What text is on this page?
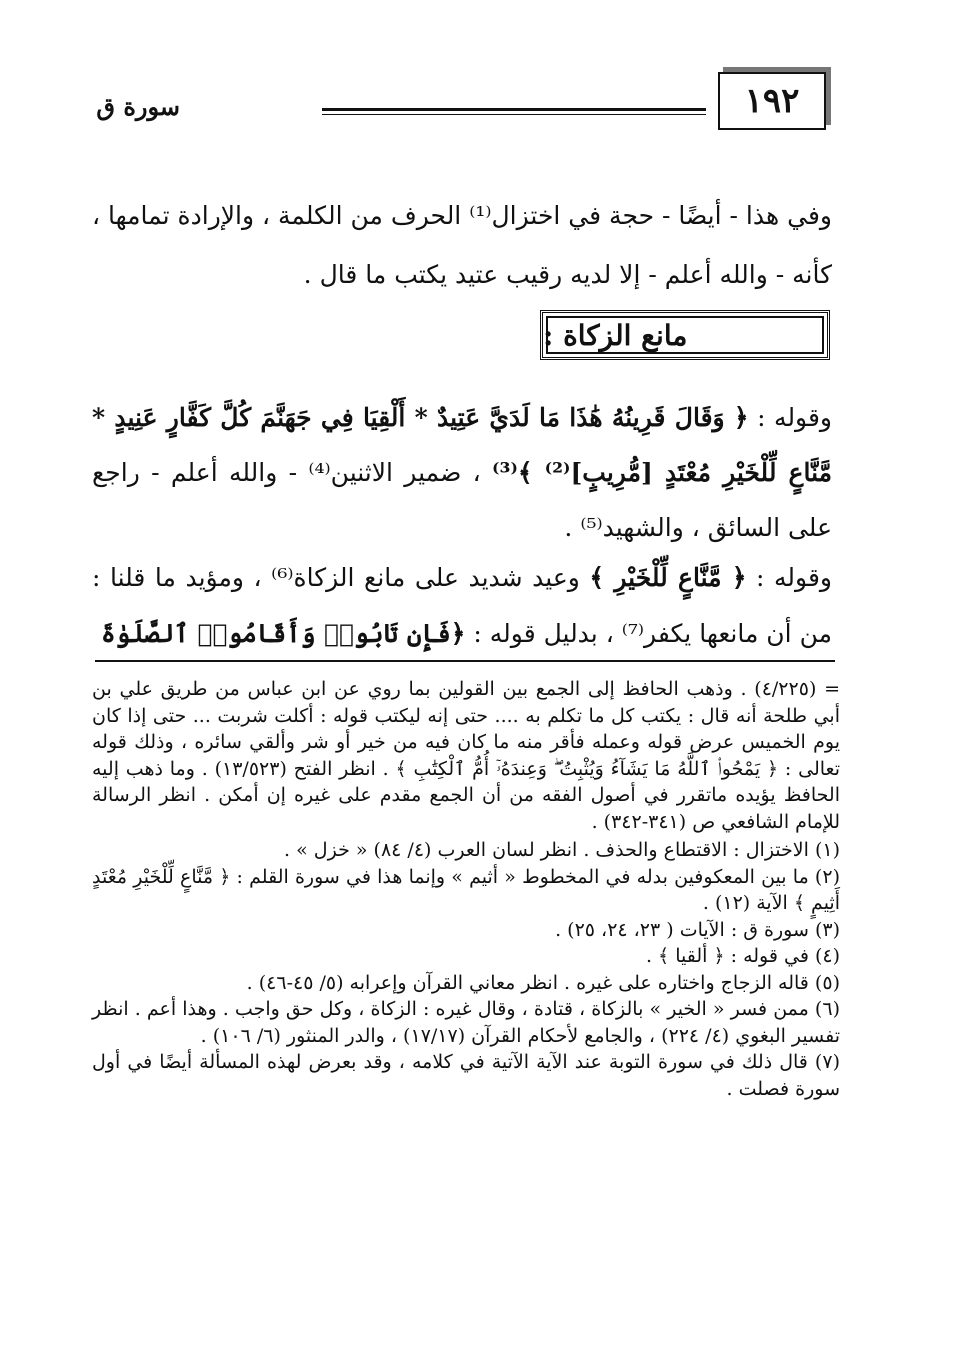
١٩٢
سورة ق
وفي هذا - أيضًا - حجة في اختزال⁽¹⁾ الحرف من الكلمة ، والإرادة تمامها ، كأنه - والله أعلم - إلا لديه رقيب عتيد يكتب ما قال .
مانع الزكاة :
وقوله : ﴿ وَقَالَ قَرِينُهُ هَٰذَا مَا لَدَيَّ عَتِيدٌ * أَلْقِيَا فِي جَهَنَّمَ كُلَّ كَفَّارٍ عَنِيدٍ * مَّنَّاعٍ لِّلْخَيْرِ مُعْتَدٍ [مُّرِيبٍ]⁽²⁾ ﴾⁽³⁾ ، ضمير الاثنين⁽⁴⁾ - والله أعلم - راجع على السائق ، والشهيد⁽⁵⁾ .
وقوله : ﴿ مَّنَّاعٍ لِّلْخَيْرِ ﴾ وعيد شديد على مانع الزكاة⁽⁶⁾ ، ومؤيد ما قلنا : من أن مانعها يكفر⁽⁷⁾ ، بدليل قوله : ﴿فَإِن تَابُوا۟ وَأَقَامُوا۟ ٱلصَّلَوٰةَ

= (٤/٢٢٥) . وذهب الحافظ إلى الجمع بين القولين بما روي عن ابن عباس من طريق علي بن أبي طلحة أنه قال : يكتب كل ما تكلم به .... حتى إنه ليكتب قوله : أكلت شربت ... حتى إذا كان يوم الخميس عرض قوله وعمله فأقر منه ما كان فيه من خير أو شر وألقي سائره ، وذلك قوله تعالى : ﴿ يَمْحُوا۟ ٱللَّهُ مَا يَشَآءُ وَيُثْبِتُ ۖ وَعِندَهُۥٓ أُمُّ ٱلْكِتَٰبِ ﴾ . انظر الفتح (١٣/٥٢٣) . وما ذهب إليه الحافظ يؤيده ماتقرر في أصول الفقه من أن الجمع مقدم على غيره إن أمكن . انظر الرسالة للإمام الشافعي ص (٣٤١-٣٤٢) .

(١) الاختزال : الاقتطاع والحذف . انظر لسان العرب (٤/ ٨٤) « خزل » .

(٢) ما بين المعكوفين بدله في المخطوط « أثيم » وإنما هذا في سورة القلم : ﴿ مَّنَّاعٍ لِّلْخَيْرِ مُعْتَدٍ أَثِيمٍ ﴾ الآية (١٢) .

(٣) سورة ق : الآيات ( ٢٣، ٢٤، ٢٥) .

(٤) في قوله : ﴿ ألقيا ﴾ .

(٥) قاله الزجاج واختاره على غيره . انظر معاني القرآن وإعرابه (٥/ ٤٥-٤٦) .

(٦) ممن فسر « الخير » بالزكاة ، قتادة ، وقال غيره : الزكاة ، وكل حق واجب . وهذا أعم . انظر تفسير البغوي (٤/ ٢٢٤) ، والجامع لأحكام القرآن (١٧/١٧) ، والدر المنثور (٦/ ١٠٦) .

(٧) قال ذلك في سورة التوبة عند الآية الآتية في كلامه ، وقد بعرض لهذه المسألة أيضًا في أول سورة فصلت .
